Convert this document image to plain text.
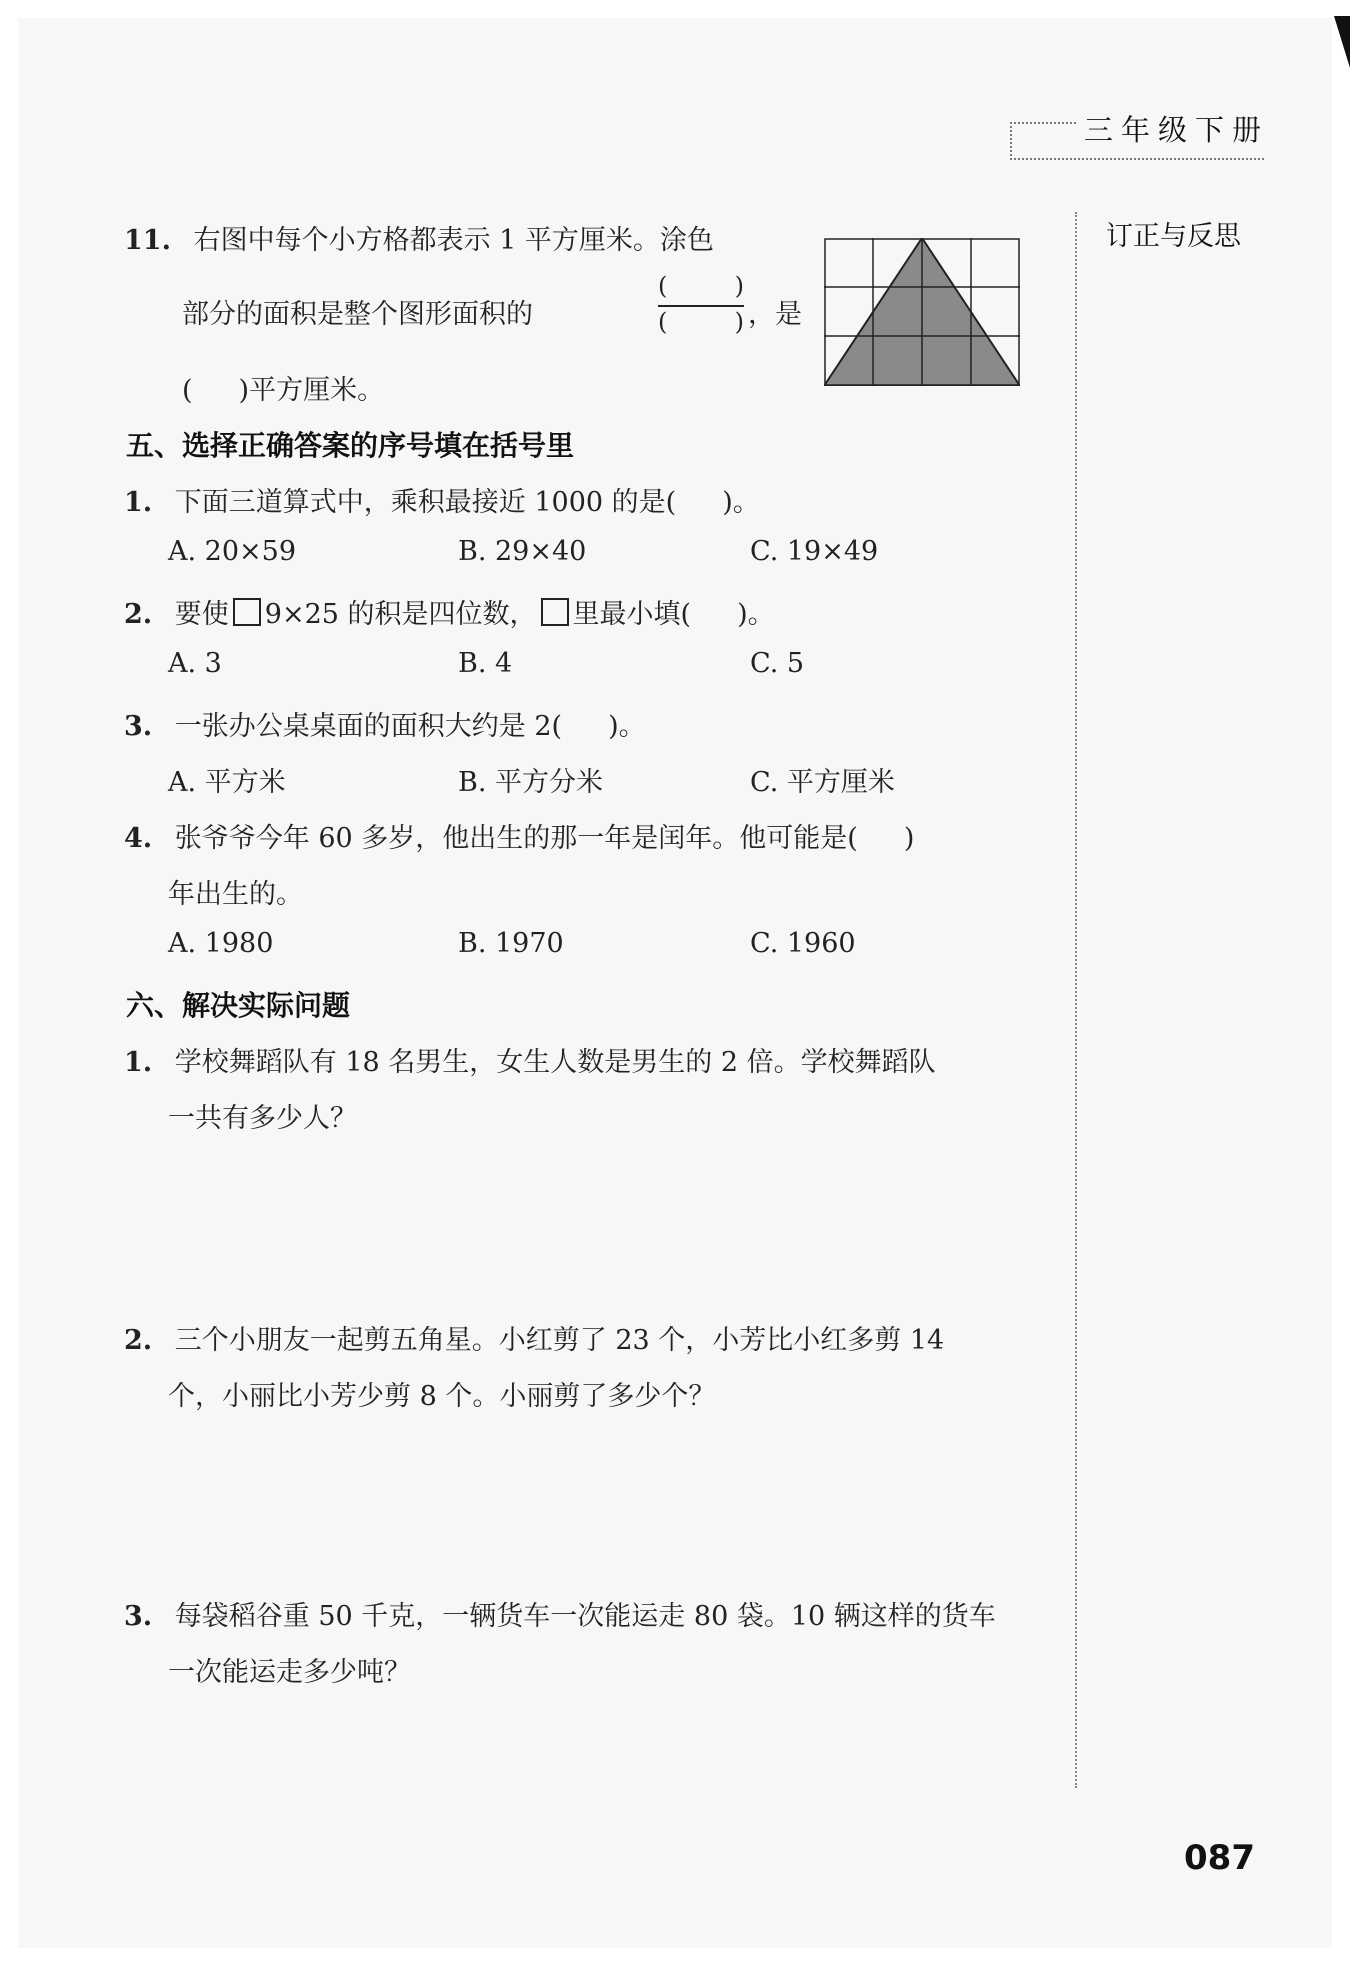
三年级下册
订正与反思
11. 右图中每个小方格都表示 1 平方厘米。涂色
部分的面积是整个图形面积的
(	)
(	) ，是
( )平方厘米。
五、选择正确答案的序号填在括号里
1. 下面三道算式中，乘积最接近 1000 的是( )。
A. 20×59	B. 29×40	C. 19×49
2. 要使 9×25 的积是四位数， 里最小填( )。
A. 3	B. 4	C. 5
3. 一张办公桌桌面的面积大约是 2( )。
A. 平方米	B. 平方分米	C. 平方厘米
4. 张爷爷今年 60 多岁，他出生的那一年是闰年。他可能是( )
年出生的。
A. 1980	B. 1970	C. 1960
六、解决实际问题
1. 学校舞蹈队有 18 名男生，女生人数是男生的 2 倍。学校舞蹈队
一共有多少人？
2. 三个小朋友一起剪五角星。小红剪了 23 个，小芳比小红多剪 14
个，小丽比小芳少剪 8 个。小丽剪了多少个？
3. 每袋稻谷重 50 千克，一辆货车一次能运走 80 袋。10 辆这样的货车
一次能运走多少吨？
087
